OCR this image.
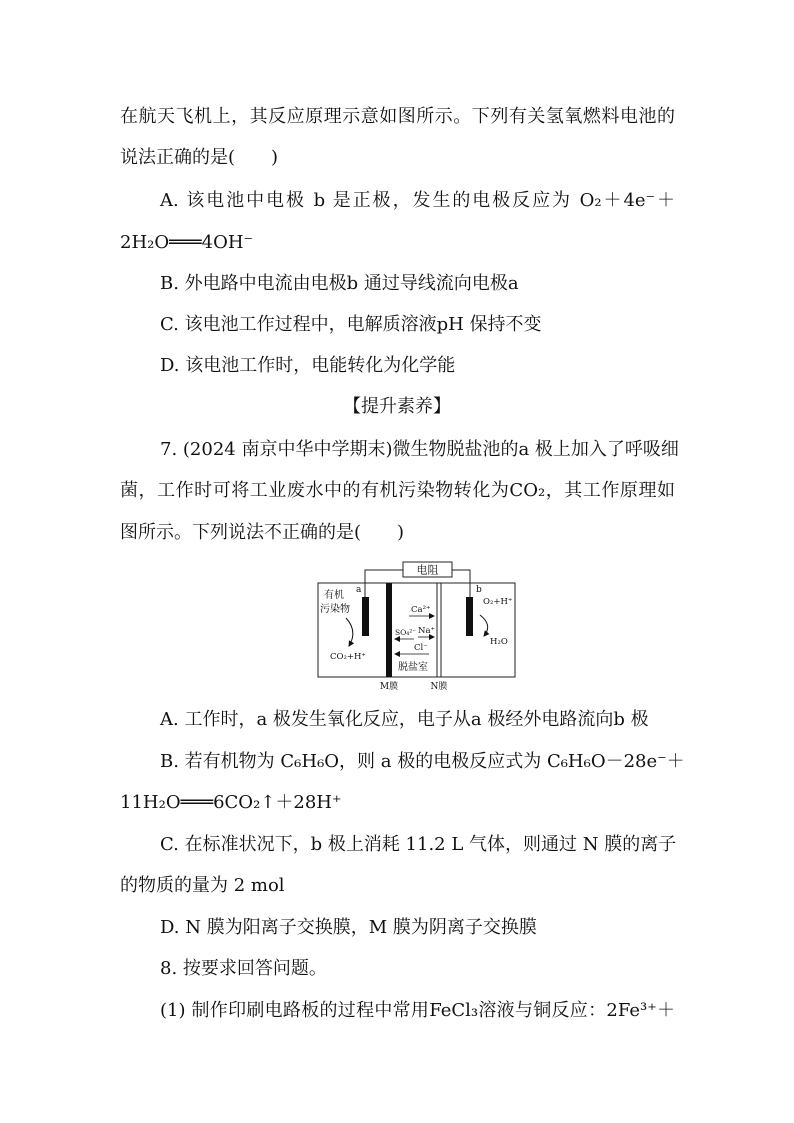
在航天飞机上，其反应原理示意如图所示。下列有关氢氧燃料电池的
说法正确的是(　　)
A. 该电池中电极 b 是正极，发生的电极反应为 O₂＋4e⁻＋
2H₂O═══4OH⁻
B. 外电路中电流由电极b 通过导线流向电极a
C. 该电池工作过程中，电解质溶液pH 保持不变
D. 该电池工作时，电能转化为化学能
【提升素养】
7. (2024 南京中华中学期末)微生物脱盐池的a 极上加入了呼吸细
菌，工作时可将工业废水中的有机污染物转化为CO₂，其工作原理如
图所示。下列说法不正确的是(　　)
电阻
a	b
有机
污染物
CO₂+H⁺
O₂+H⁺
H₂O
Ca²⁺
SO₄²⁻ Na⁺
Cl⁻
脱盐室
M膜	N膜
A. 工作时，a 极发生氧化反应，电子从a 极经外电路流向b 极
B. 若有机物为 C₆H₆O，则 a 极的电极反应式为 C₆H₆O－28e⁻＋
11H₂O═══6CO₂↑＋28H⁺
C. 在标准状况下，b 极上消耗 11.2 L 气体，则通过 N 膜的离子
的物质的量为 2 mol
D. N 膜为阳离子交换膜，M 膜为阴离子交换膜
8. 按要求回答问题。
(1) 制作印刷电路板的过程中常用FeCl₃溶液与铜反应：2Fe³⁺＋
